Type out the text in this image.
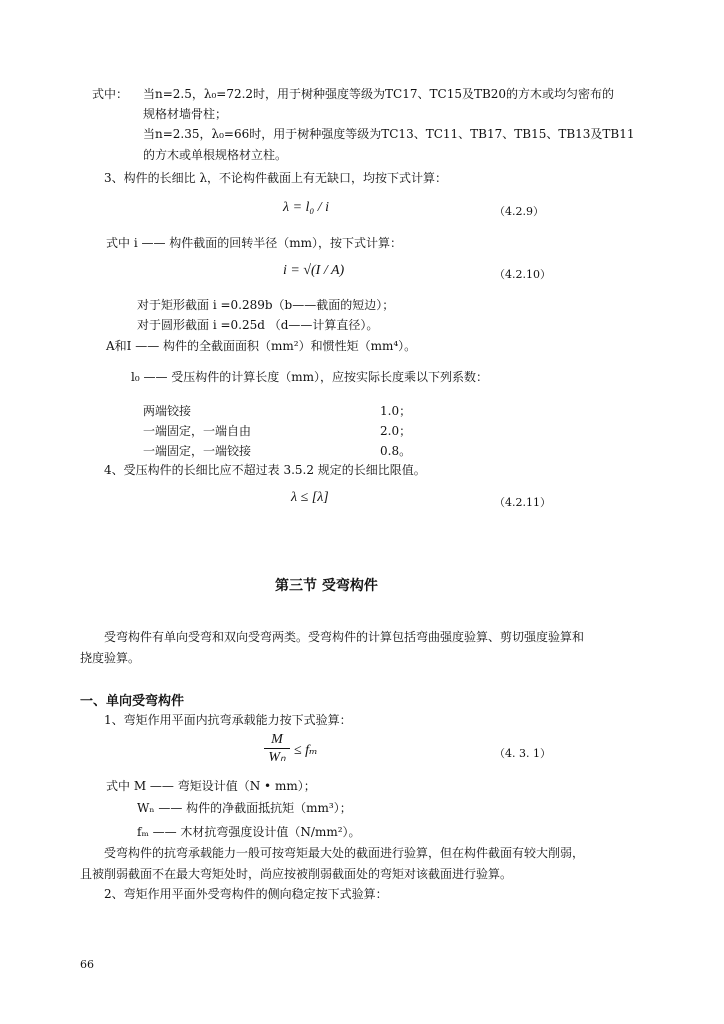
式中： 当n=2.5，λ₀=72.2时，用于树种强度等级为TC17、TC15及TB20的方木或均匀密布的
规格材墙骨柱；
当n=2.35，λ₀=66时，用于树种强度等级为TC13、TC11、TB17、TB15、TB13及TB11
的方木或单根规格材立柱。
3、构件的长细比 λ，不论构件截面上有无缺口，均按下式计算：
λ = l₀ / i	（4.2.9）
式中 i —— 构件截面的回转半径（mm），按下式计算：
i = √(I / A)	（4.2.10）
对于矩形截面 i =0.289b（b——截面的短边）；
对于圆形截面 i =0.25d （d——计算直径）。
A和I —— 构件的全截面面积（mm²）和惯性矩（mm⁴）。
l₀ —— 受压构件的计算长度（mm），应按实际长度乘以下列系数：
两端铰接	1.0；
一端固定，一端自由	2.0；
一端固定，一端铰接	0.8。
4、受压构件的长细比应不超过表 3.5.2 规定的长细比限值。
λ ≤ [λ]	（4.2.11）
第三节 受弯构件
受弯构件有单向受弯和双向受弯两类。受弯构件的计算包括弯曲强度验算、剪切强度验算和
挠度验算。
一、单向受弯构件
1、弯矩作用平面内抗弯承载能力按下式验算：
$\frac{M}{\text{Wₙ}} \le f_m$	（4. 3. 1）
式中 M —— 弯矩设计值（N • mm）；
Wₙ —— 构件的净截面抵抗矩（mm³）；
fₘ —— 木材抗弯强度设计值（N/mm²）。
受弯构件的抗弯承载能力一般可按弯矩最大处的截面进行验算，但在构件截面有较大削弱，
且被削弱截面不在最大弯矩处时，尚应按被削弱截面处的弯矩对该截面进行验算。
2、弯矩作用平面外受弯构件的侧向稳定按下式验算：
66
